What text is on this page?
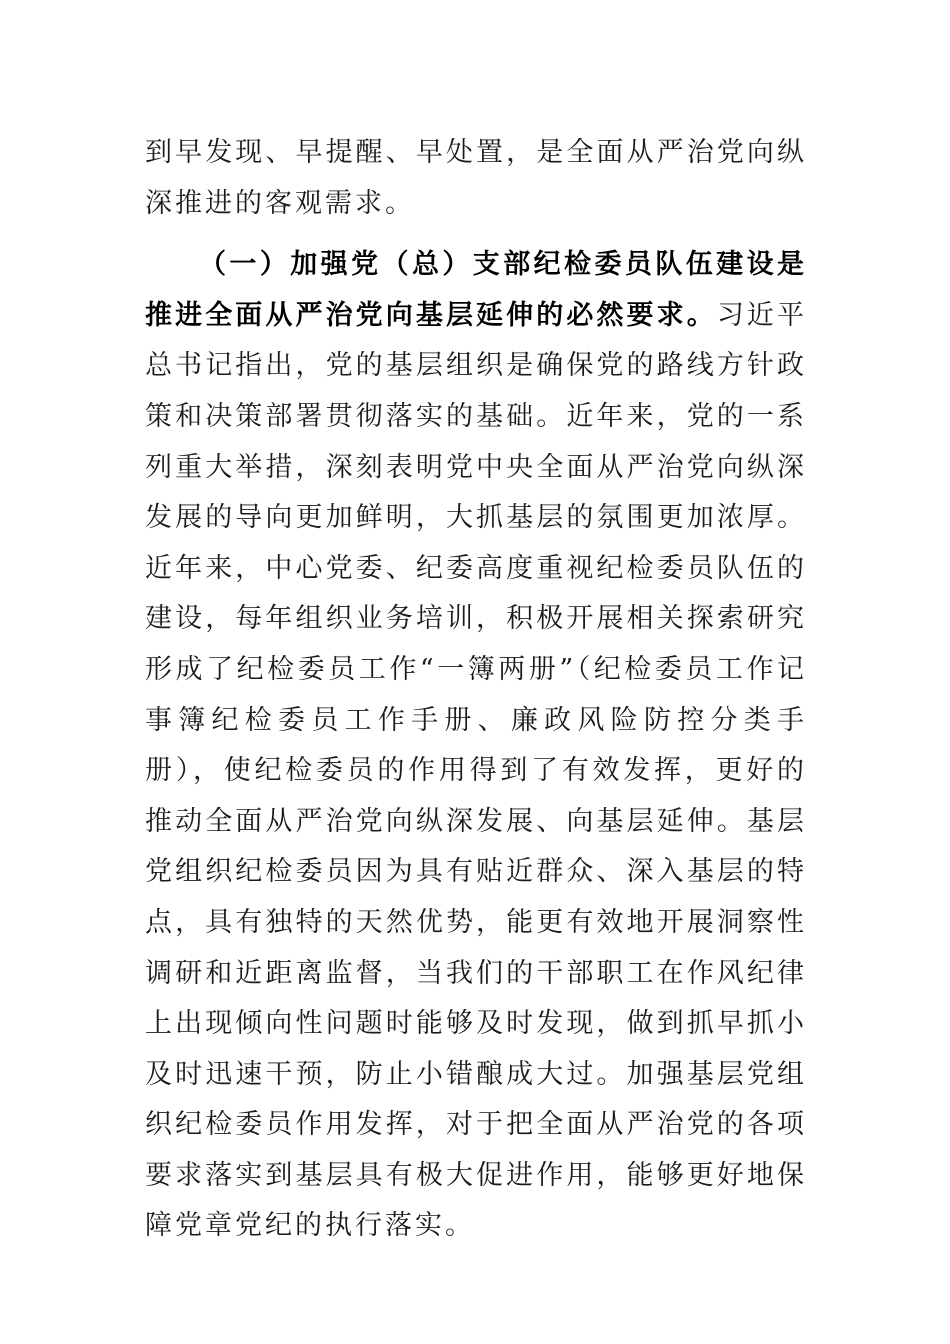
到早发现、早提醒、早处置，是全面从严治党向纵深推进的客观需求。

（一）加强党（总）支部纪检委员队伍建设是推进全面从严治党向基层延伸的必然要求。习近平总书记指出，党的基层组织是确保党的路线方针政策和决策部署贯彻落实的基础。近年来，党的一系列重大举措，深刻表明党中央全面从严治党向纵深发展的导向更加鲜明，大抓基层的氛围更加浓厚。近年来，中心党委、纪委高度重视纪检委员队伍的建设，每年组织业务培训，积极开展相关探索研究形成了纪检委员工作“一簿两册”（纪检委员工作记事簿纪检委员工作手册、廉政风险防控分类手册），使纪检委员的作用得到了有效发挥，更好的推动全面从严治党向纵深发展、向基层延伸。基层党组织纪检委员因为具有贴近群众、深入基层的特点，具有独特的天然优势，能更有效地开展洞察性调研和近距离监督，当我们的干部职工在作风纪律上出现倾向性问题时能够及时发现，做到抓早抓小及时迅速干预，防止小错酿成大过。加强基层党组织纪检委员作用发挥，对于把全面从严治党的各项要求落实到基层具有极大促进作用，能够更好地保障党章党纪的执行落实。
